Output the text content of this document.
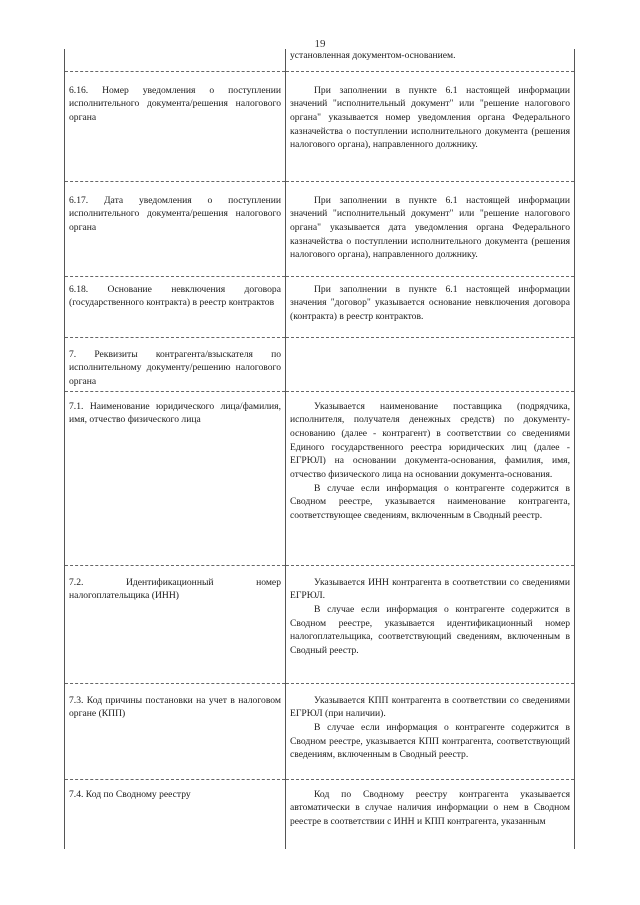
19

	установленная документом-основанием.

6.16. Номер уведомления о поступлении исполнительного документа/решения налогового органа	При заполнении в пункте 6.1 настоящей информации значений "исполнительный документ" или "решение налогового органа" указывается номер уведомления органа Федерального казначейства о поступлении исполнительного документа (решения налогового органа), направленного должнику.

6.17. Дата уведомления о поступлении исполнительного документа/решения налогового органа	При заполнении в пункте 6.1 настоящей информации значений "исполнительный документ" или "решение налогового органа" указывается дата уведомления органа Федерального казначейства о поступлении исполнительного документа (решения налогового органа), направленного должнику.

6.18. Основание невключения договора (государственного контракта) в реестр контрактов	При заполнении в пункте 6.1 настоящей информации значения "договор" указывается основание невключения договора (контракта) в реестр контрактов.

7. Реквизиты контрагента/взыскателя по исполнительному документу/решению налогового органа	

7.1. Наименование юридического лица/фамилия, имя, отчество физического лица	Указывается наименование поставщика (подрядчика, исполнителя, получателя денежных средств) по документу-основанию (далее - контрагент) в соответствии со сведениями Единого государственного реестра юридических лиц (далее - ЕГРЮЛ) на основании документа-основания, фамилия, имя, отчество физического лица на основании документа-основания.

В случае если информация о контрагенте содержится в Сводном реестре, указывается наименование контрагента, соответствующее сведениям, включенным в Сводный реестр.

7.2. Идентификационный номер налогоплательщика (ИНН)	Указывается ИНН контрагента в соответствии со сведениями ЕГРЮЛ.

В случае если информация о контрагенте содержится в Сводном реестре, указывается идентификационный номер налогоплательщика, соответствующий сведениям, включенным в Сводный реестр.

7.3. Код причины постановки на учет в налоговом органе (КПП)	Указывается КПП контрагента в соответствии со сведениями ЕГРЮЛ (при наличии).

В случае если информация о контрагенте содержится в Сводном реестре, указывается КПП контрагента, соответствующий сведениям, включенным в Сводный реестр.

7.4. Код по Сводному реестру	Код по Сводному реестру контрагента указывается автоматически в случае наличия информации о нем в Сводном реестре в соответствии с ИНН и КПП контрагента, указанным
